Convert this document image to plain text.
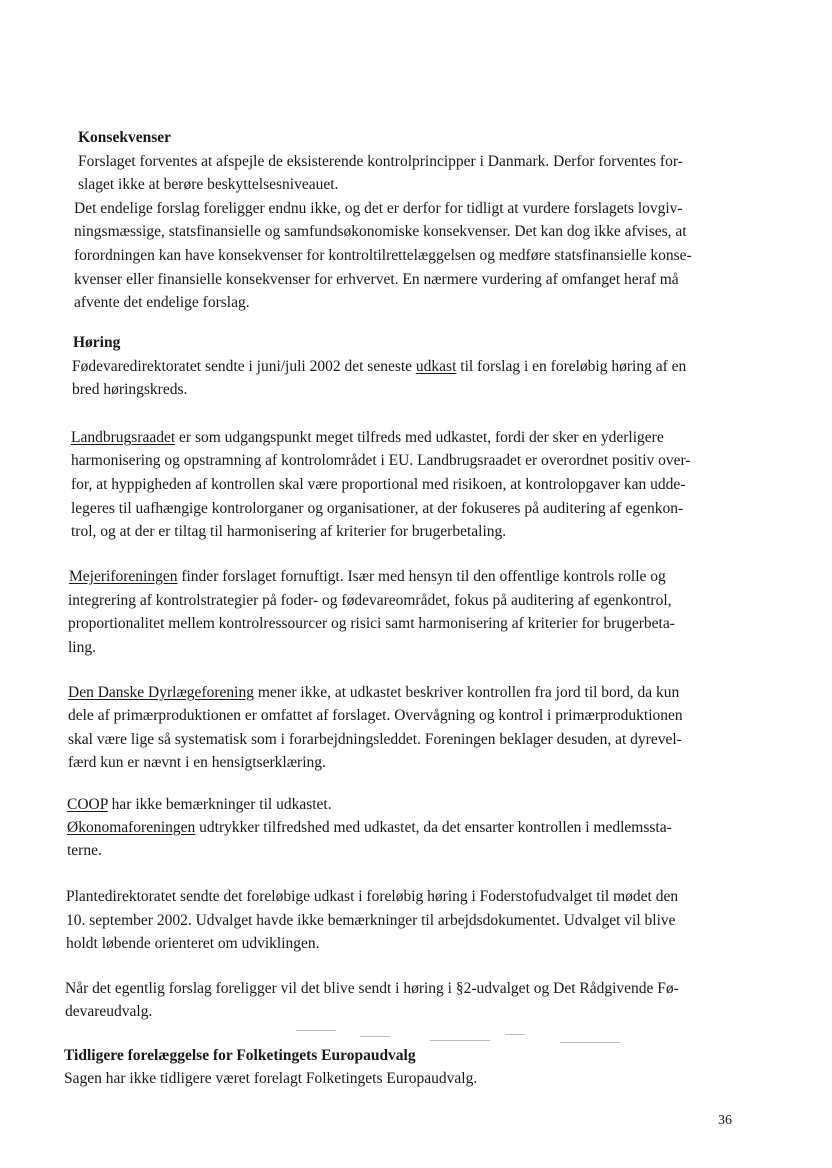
Konsekvenser

Forslaget forventes at afspejle de eksisterende kontrolprincipper i Danmark. Derfor forventes for-

slaget ikke at berøre beskyttelsesniveauet.

Det endelige forslag foreligger endnu ikke, og det er derfor for tidligt at vurdere forslagets lovgiv-

ningsmæssige, statsfinansielle og samfundsøkonomiske konsekvenser. Det kan dog ikke afvises, at

forordningen kan have konsekvenser for kontroltilrettelæggelsen og medføre statsfinansielle konse-

kvenser eller finansielle konsekvenser for erhvervet. En nærmere vurdering af omfanget heraf må

afvente det endelige forslag.

Høring

Fødevaredirektoratet sendte i juni/juli 2002 det seneste udkast til forslag i en foreløbig høring af en

bred høringskreds.

Landbrugsraadet er som udgangspunkt meget tilfreds med udkastet, fordi der sker en yderligere

harmonisering og opstramning af kontrolområdet i EU. Landbrugsraadet er overordnet positiv over-

for, at hyppigheden af kontrollen skal være proportional med risikoen, at kontrolopgaver kan udde-

legeres til uafhængige kontrolorganer og organisationer, at der fokuseres på auditering af egenkon-

trol, og at der er tiltag til harmonisering af kriterier for brugerbetaling.

Mejeriforeningen finder forslaget fornuftigt. Især med hensyn til den offentlige kontrols rolle og

integrering af kontrolstrategier på foder- og fødevareområdet, fokus på auditering af egenkontrol,

proportionalitet mellem kontrolressourcer og risici samt harmonisering af kriterier for brugerbeta-

ling.

Den Danske Dyrlægeforening mener ikke, at udkastet beskriver kontrollen fra jord til bord, da kun

dele af primærproduktionen er omfattet af forslaget. Overvågning og kontrol i primærproduktionen

skal være lige så systematisk som i forarbejdningsleddet. Foreningen beklager desuden, at dyrevel-

færd kun er nævnt i en hensigtserklæring.

COOP har ikke bemærkninger til udkastet.

Økonomaforeningen udtrykker tilfredshed med udkastet, da det ensarter kontrollen i medlemssta-

terne.

Plantedirektoratet sendte det foreløbige udkast i foreløbig høring i Foderstofudvalget til mødet den

10. september 2002. Udvalget havde ikke bemærkninger til arbejdsdokumentet. Udvalget vil blive

holdt løbende orienteret om udviklingen.

Når det egentlig forslag foreligger vil det blive sendt i høring i §2-udvalget og Det Rådgivende Fø-

devareudvalg.

Tidligere forelæggelse for Folketingets Europaudvalg

Sagen har ikke tidligere været forelagt Folketingets Europaudvalg.

36
